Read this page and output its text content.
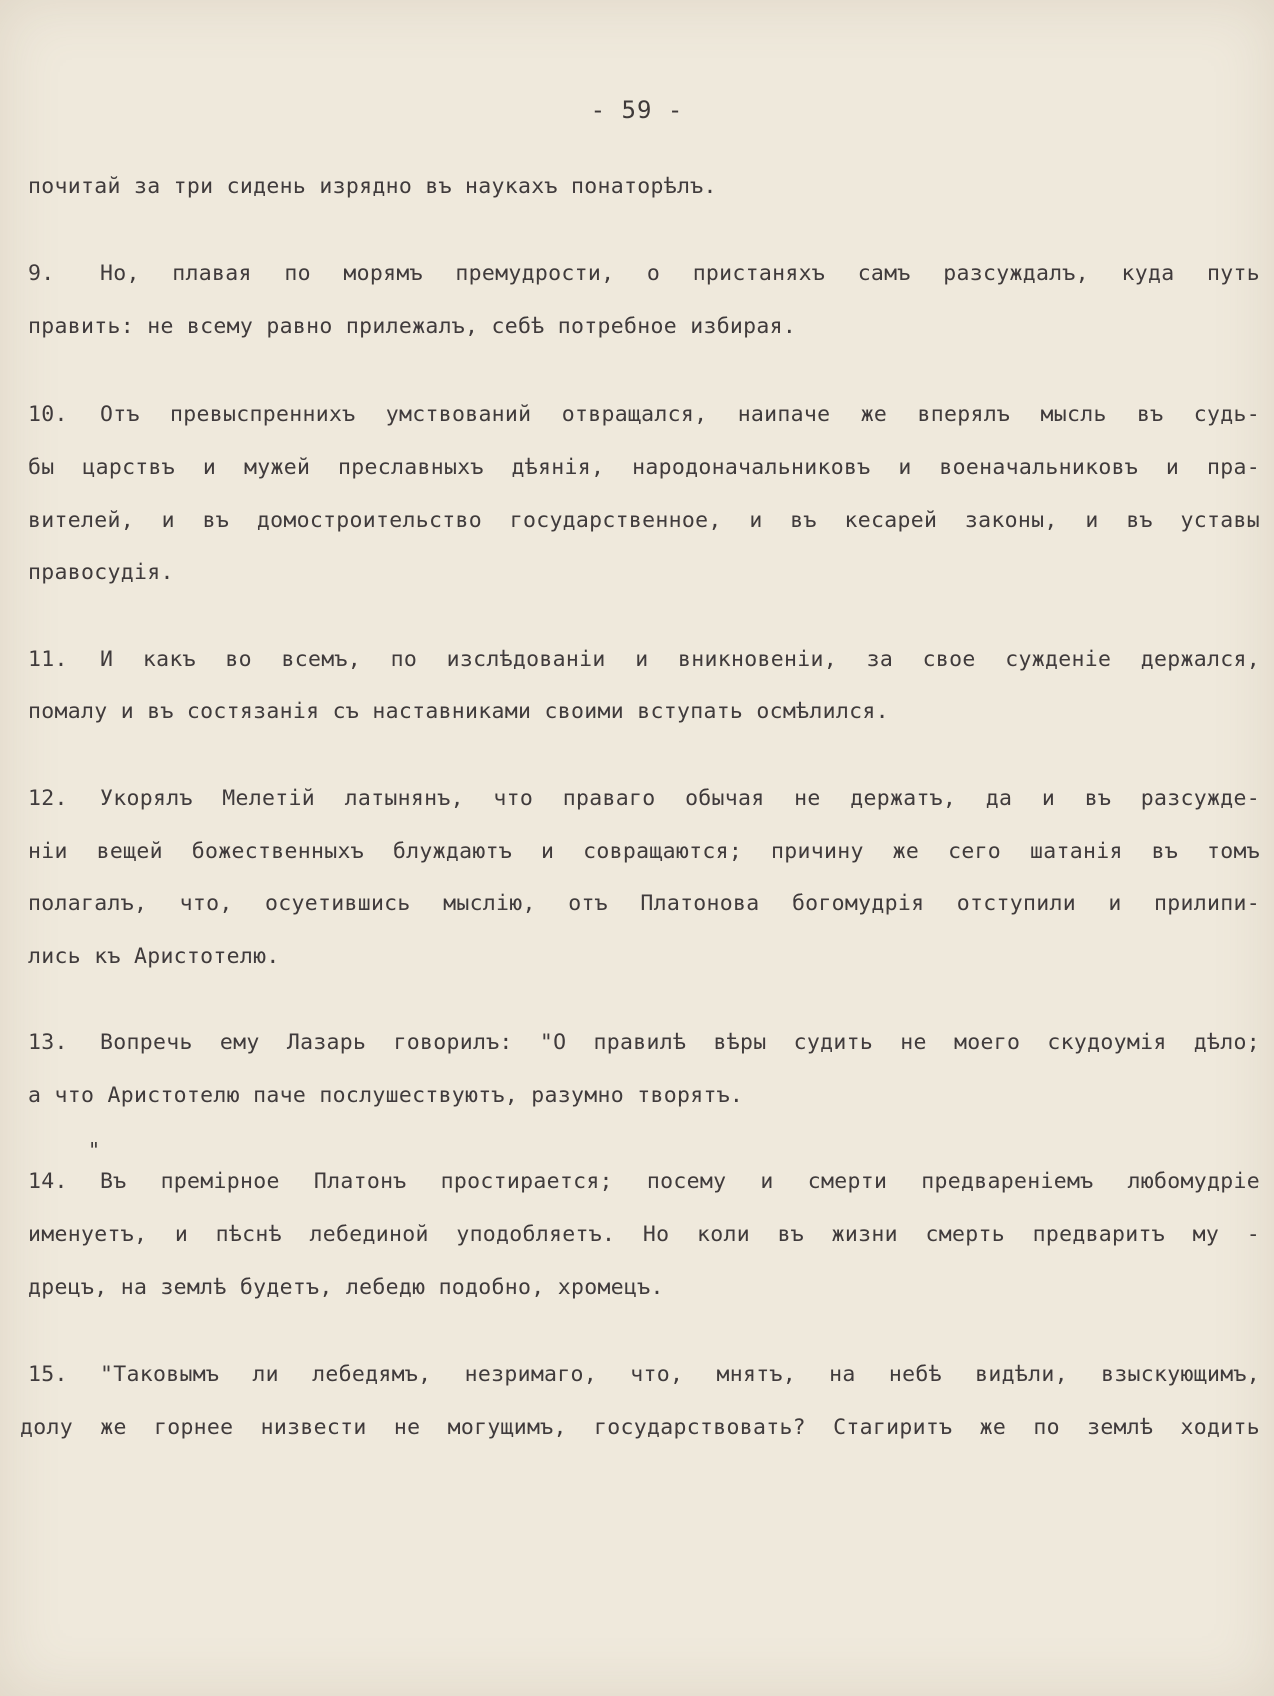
- 59 -
почитай за три сидень изрядно въ наукахъ понаторѣлъ.
9. Но, плавая по морямъ премудрости, о пристаняхъ самъ разсуждалъ, куда путь
править: не всему равно прилежалъ, себѣ потребное избирая.
10. Отъ превыспреннихъ умствований отвращался, наипаче же вперялъ мысль въ судь-
бы царствъ и мужей преславныхъ дѣянія, народоначальниковъ и военачальниковъ и пра-
вителей, и въ домостроительство государственное, и въ кесарей законы, и въ уставы
правосудія.
11. И какъ во всемъ, по изслѣдованіи и вникновеніи, за свое сужденіе держался,
помалу и въ состязанія съ наставниками своими вступать осмѣлился.
12. Укорялъ Мелетій латынянъ, что праваго обычая не держатъ, да и въ разсужде-
ніи вещей божественныхъ блуждаютъ и совращаются; причину же сего шатанія въ томъ
полагалъ, что, осуетившись мыслію, отъ Платонова богомудрія отступили и прилипи-
лись къ Аристотелю.
13. Вопречь ему Лазарь говорилъ: "О правилѣ вѣры судить не моего скудоумія дѣло;
а что Аристотелю паче послушествуютъ, разумно творятъ.
"
14. Въ премірное Платонъ простирается; посему и смерти предвареніемъ любомудріе
именуетъ, и пѣснѣ лебединой уподобляетъ. Но коли въ жизни смерть предваритъ му -
дрецъ, на землѣ будетъ, лебедю подобно, хромецъ.
15. "Таковымъ ли лебедямъ, незримаго, что, мнятъ, на небѣ видѣли, взыскующимъ,
долу же горнее низвести не могущимъ, государствовать? Стагиритъ же по землѣ ходить
